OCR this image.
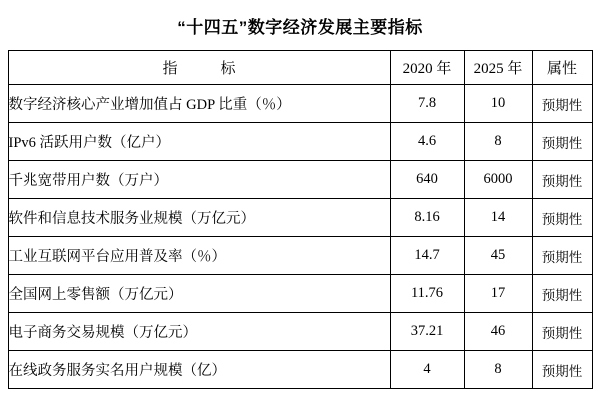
“十四五”数字经济发展主要指标
指　标	2020 年	2025 年	属性
数字经济核心产业增加值占 GDP 比重（％）	7.8	10	预期性
IPv6 活跃用户数（亿户）	4.6	8	预期性
千兆宽带用户数（万户）	640	6000	预期性
软件和信息技术服务业规模（万亿元）	8.16	14	预期性
工业互联网平台应用普及率（％）	14.7	45	预期性
全国网上零售额（万亿元）	11.76	17	预期性
电子商务交易规模（万亿元）	37.21	46	预期性
在线政务服务实名用户规模（亿）	4	8	预期性
